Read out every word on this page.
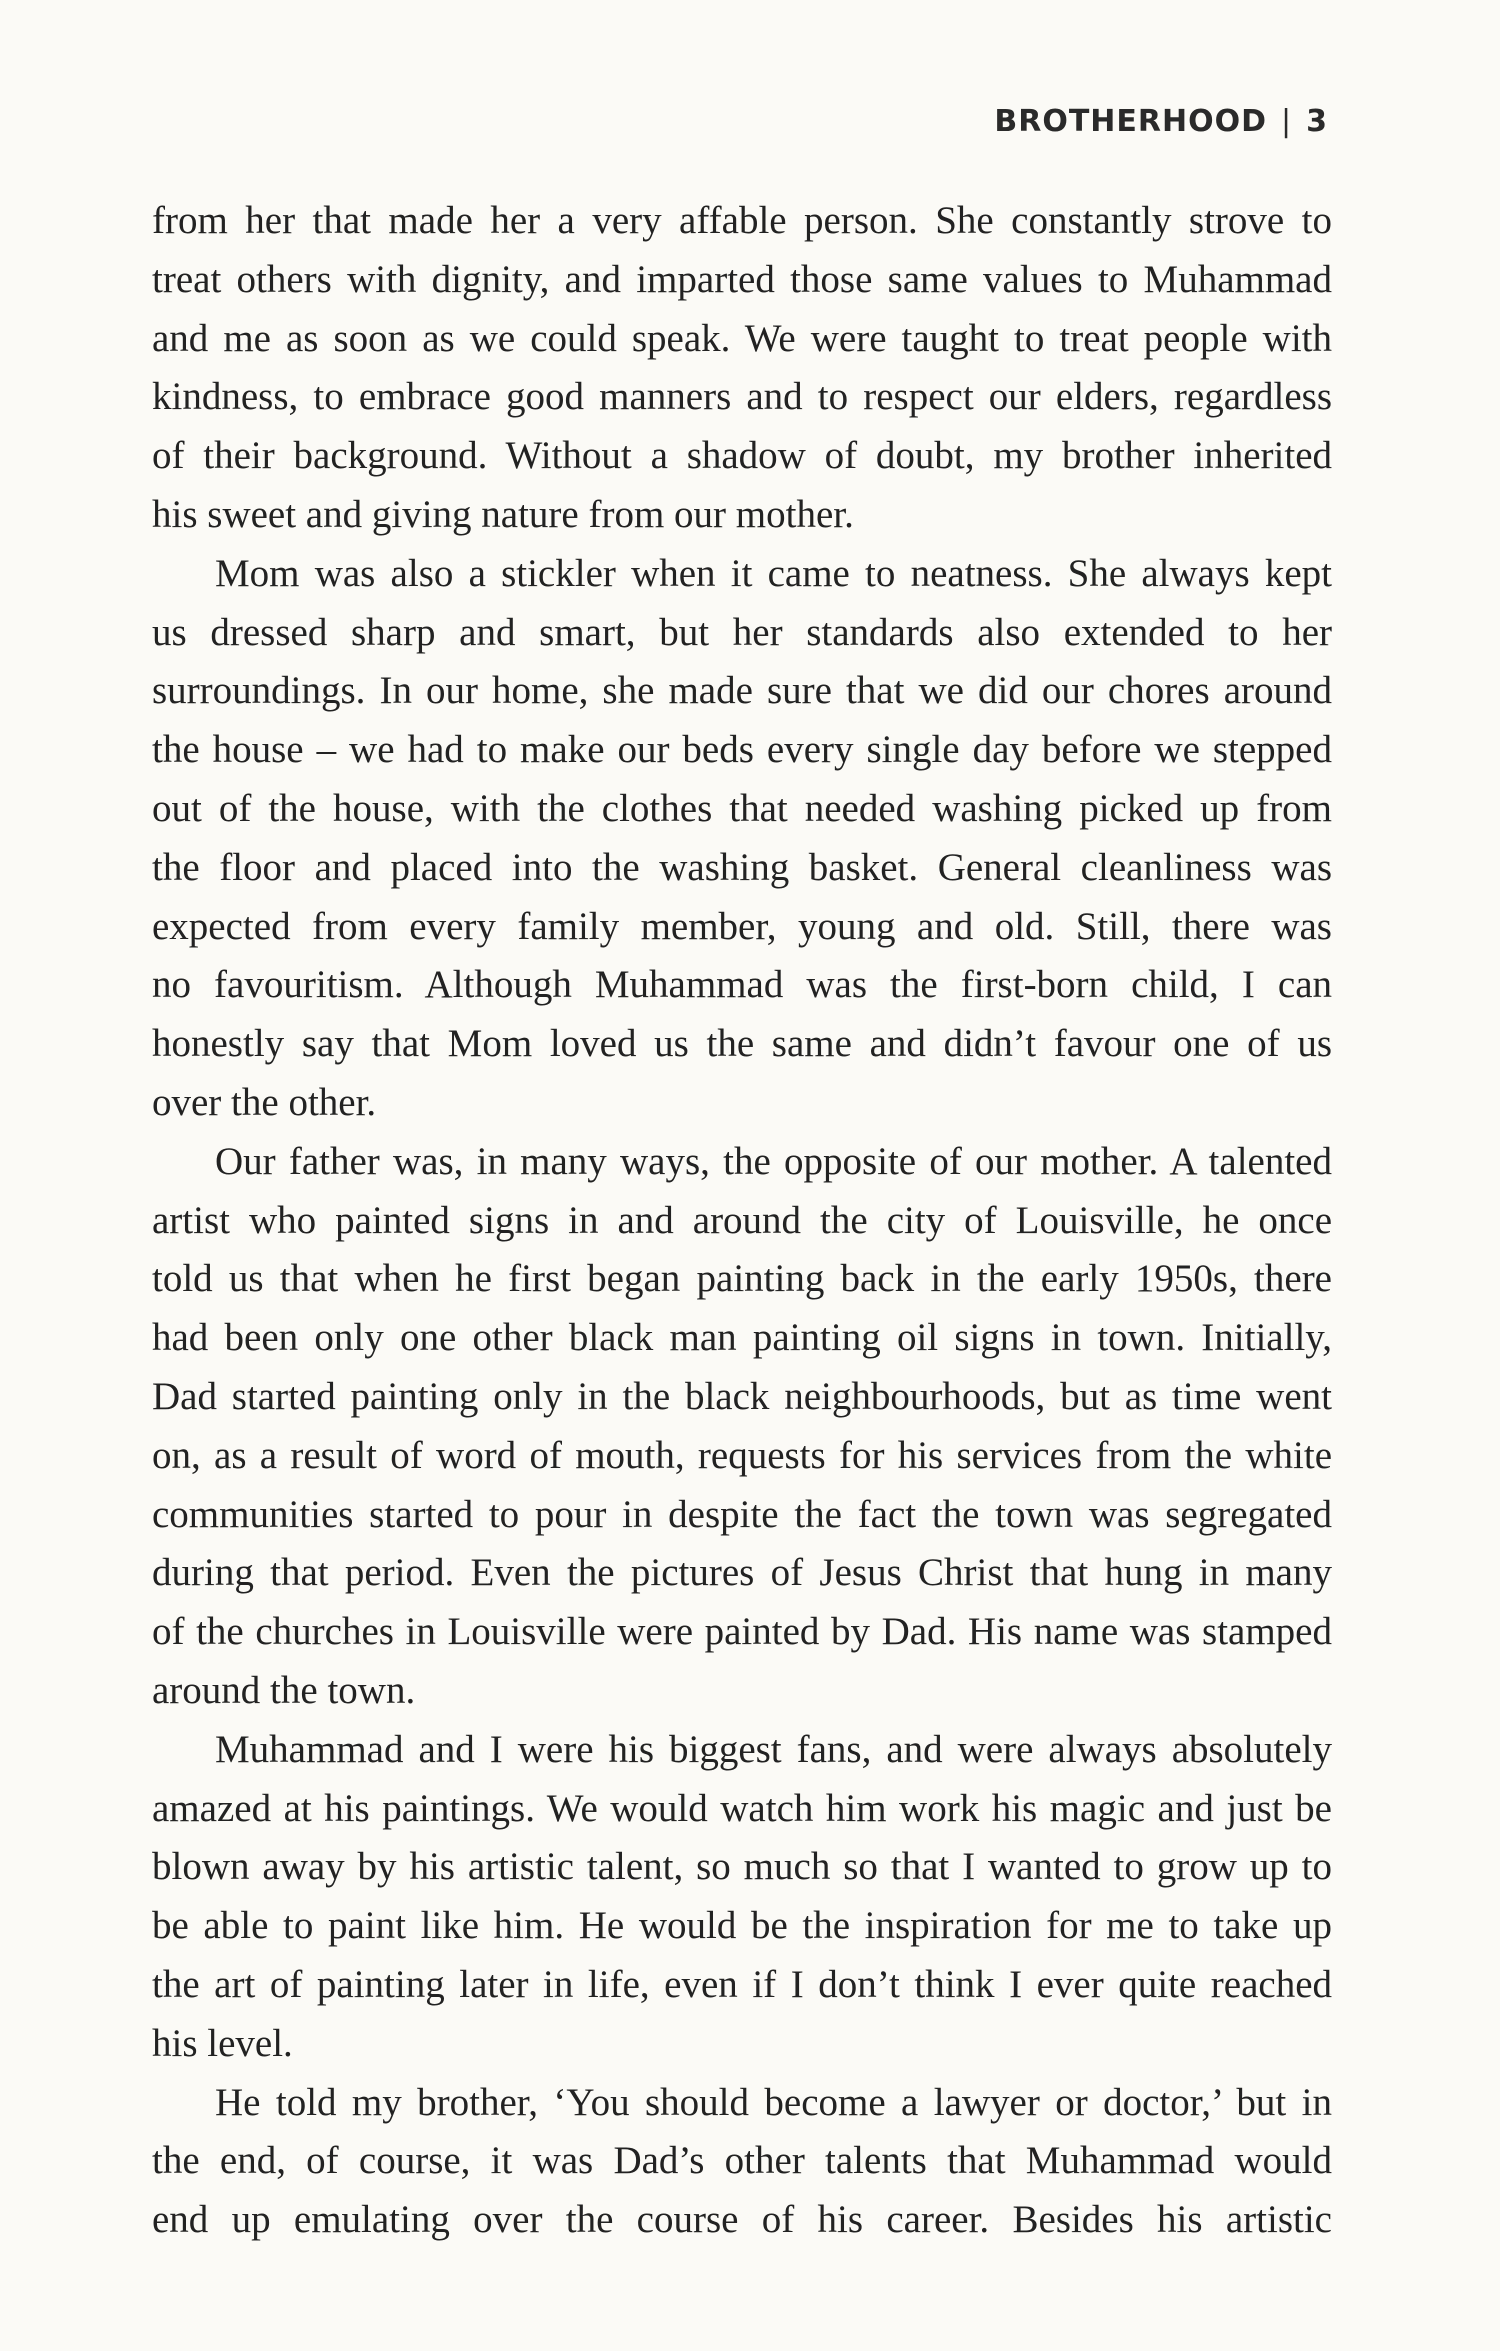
BROTHERHOOD | 3

from her that made her a very affable person. She constantly strove to
treat others with dignity, and imparted those same values to Muhammad
and me as soon as we could speak. We were taught to treat people with
kindness, to embrace good manners and to respect our elders, regardless
of their background. Without a shadow of doubt, my brother inherited
his sweet and giving nature from our mother.

Mom was also a stickler when it came to neatness. She always kept
us dressed sharp and smart, but her standards also extended to her
surroundings. In our home, she made sure that we did our chores around
the house – we had to make our beds every single day before we stepped
out of the house, with the clothes that needed washing picked up from
the floor and placed into the washing basket. General cleanliness was
expected from every family member, young and old. Still, there was
no favouritism. Although Muhammad was the first-born child, I can
honestly say that Mom loved us the same and didn’t favour one of us
over the other.

Our father was, in many ways, the opposite of our mother. A talented
artist who painted signs in and around the city of Louisville, he once
told us that when he first began painting back in the early 1950s, there
had been only one other black man painting oil signs in town. Initially,
Dad started painting only in the black neighbourhoods, but as time went
on, as a result of word of mouth, requests for his services from the white
communities started to pour in despite the fact the town was segregated
during that period. Even the pictures of Jesus Christ that hung in many
of the churches in Louisville were painted by Dad. His name was stamped
around the town.

Muhammad and I were his biggest fans, and were always absolutely
amazed at his paintings. We would watch him work his magic and just be
blown away by his artistic talent, so much so that I wanted to grow up to
be able to paint like him. He would be the inspiration for me to take up
the art of painting later in life, even if I don’t think I ever quite reached
his level.

He told my brother, ‘You should become a lawyer or doctor,’ but in
the end, of course, it was Dad’s other talents that Muhammad would
end up emulating over the course of his career. Besides his artistic
